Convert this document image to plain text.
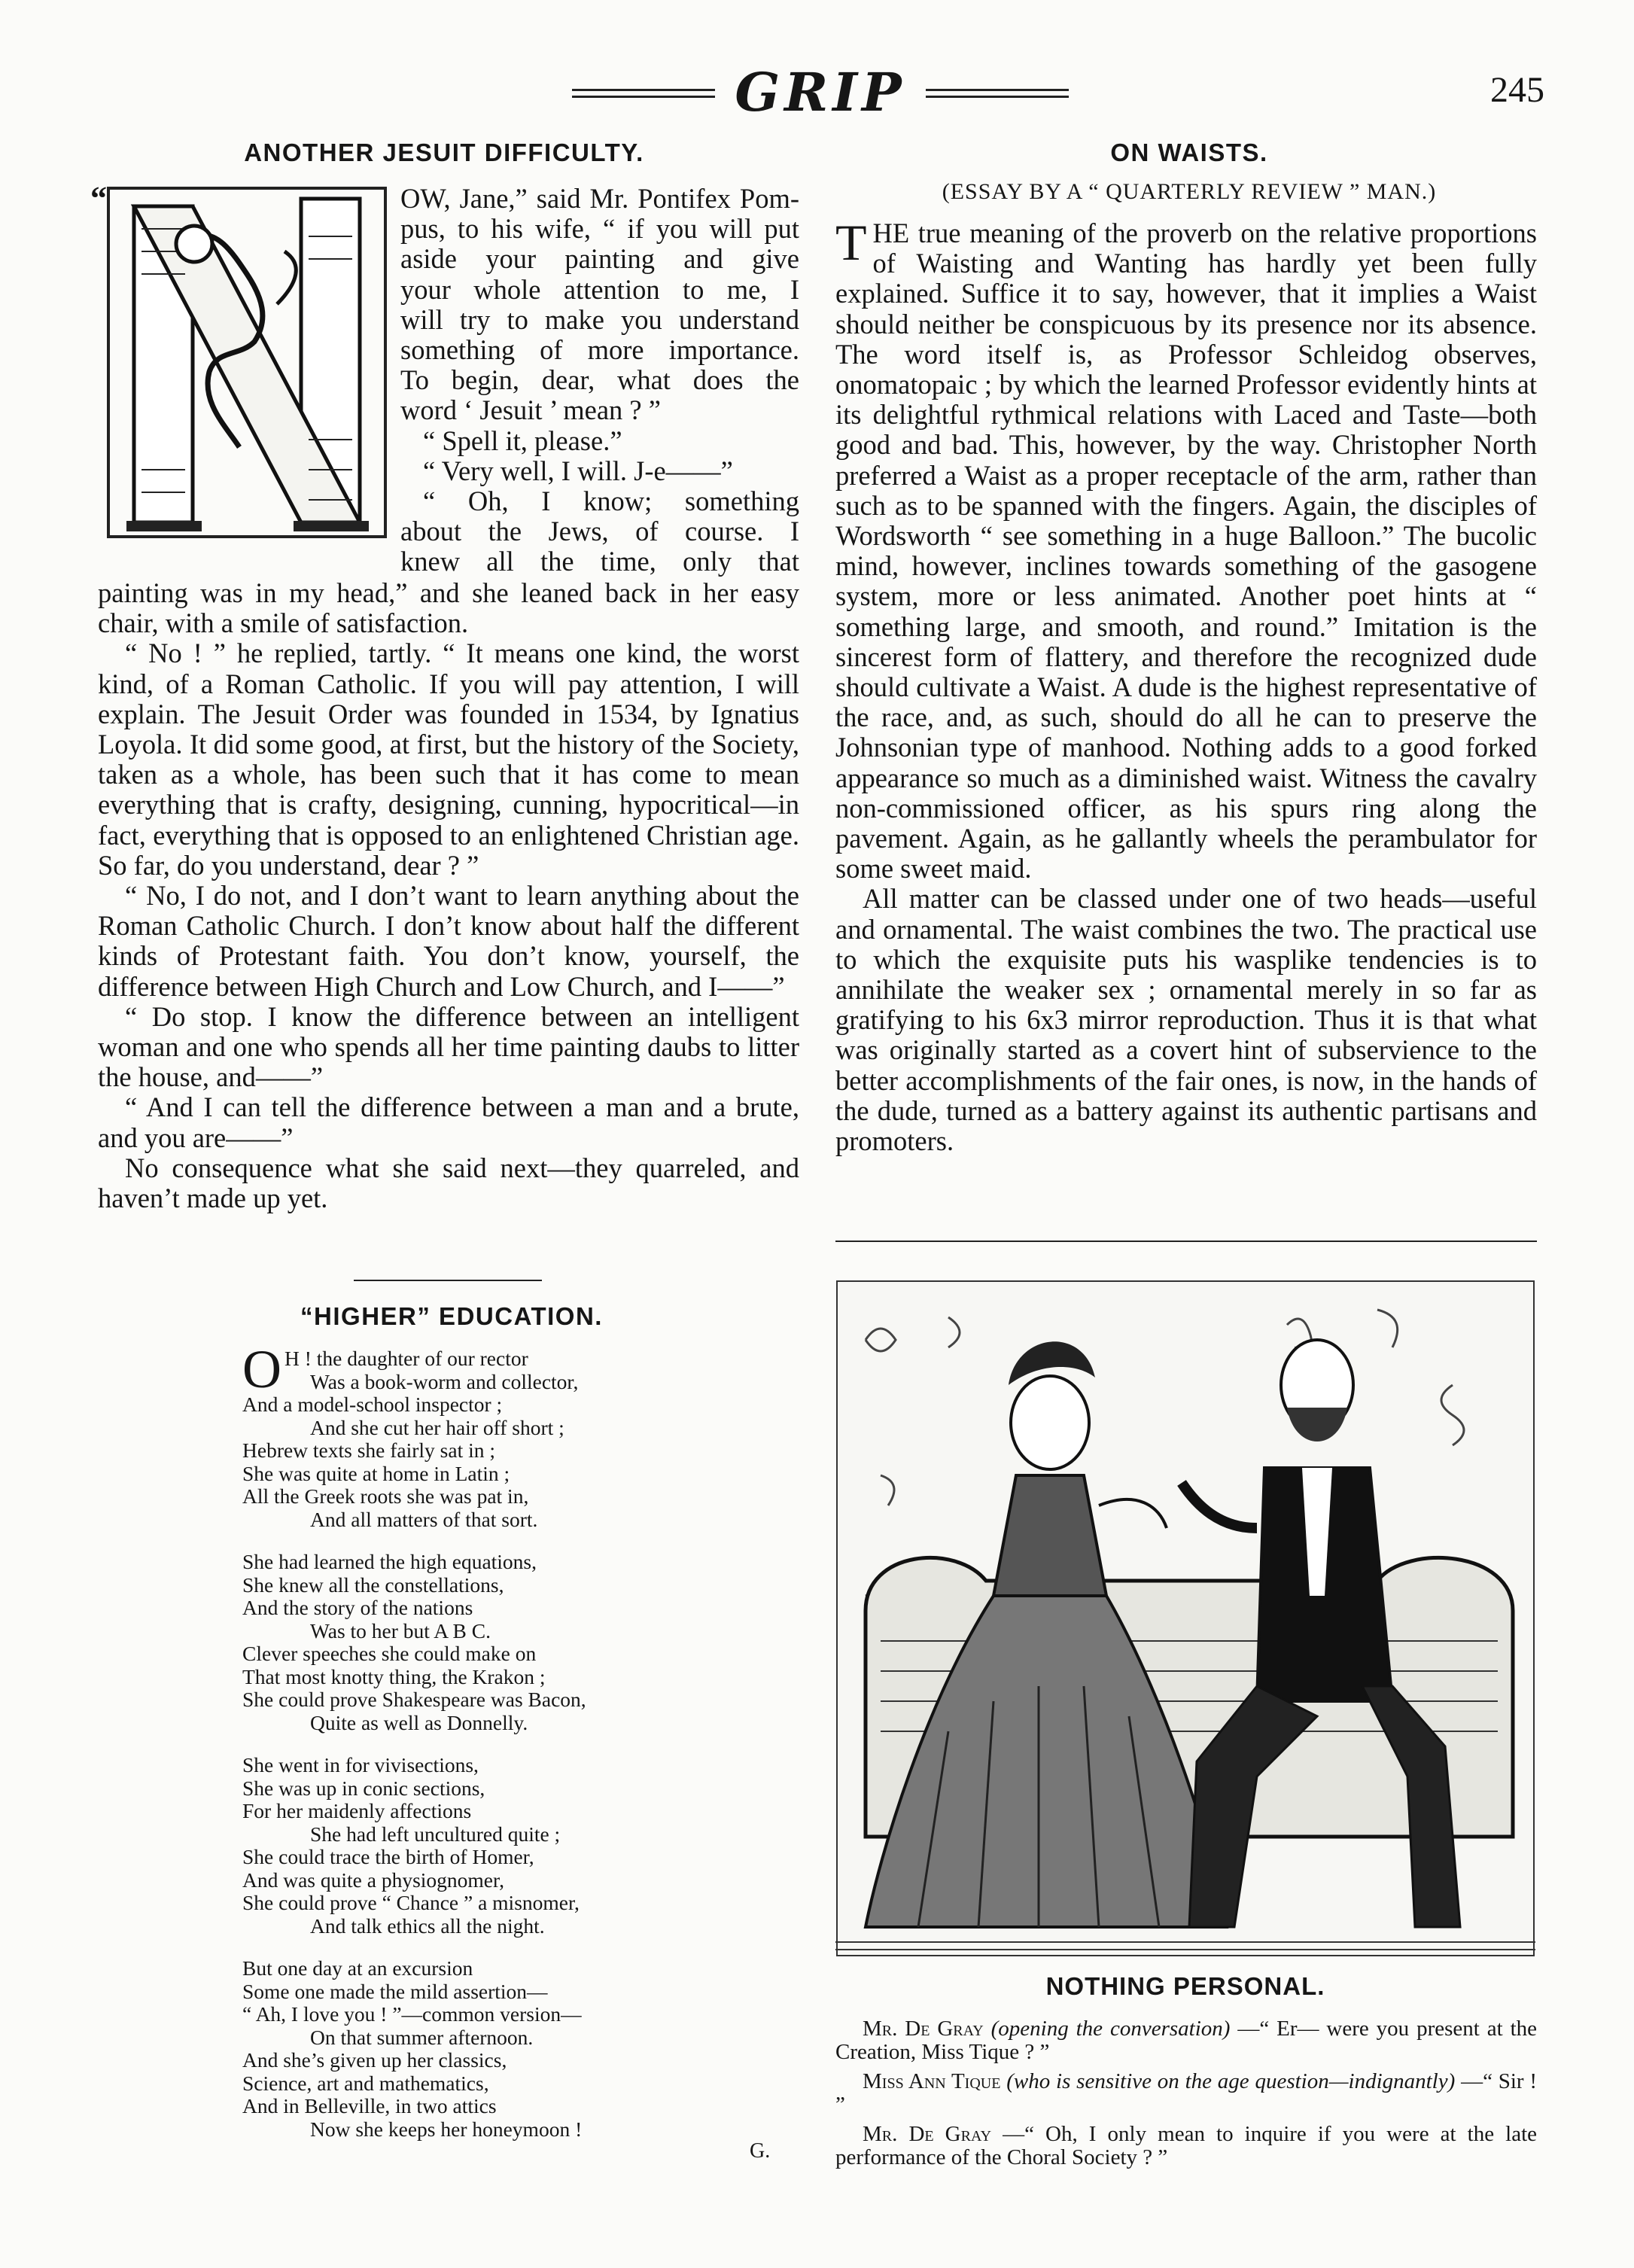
GRIP	245
ANOTHER JESUIT DIFFICULTY.
“	OW, Jane,” said Mr. Pontifex Pom-
pus, to his wife, “ if you will put
aside your painting and give
your whole attention to me, I
will try to make you understand
something of more importance.
To begin, dear, what does the
word ‘ Jesuit ’ mean ? ”
“ Spell it, please.”
“ Very well, I will. J-e——”
“ Oh, I know; something
about the Jews, of course. I
knew all the time, only that

painting was in my head,” and she leaned back in her easy chair, with a smile of satisfaction.

“ No ! ” he replied, tartly. “ It means one kind, the worst kind, of a Roman Catholic. If you will pay attention, I will explain. The Jesuit Order was founded in 1534, by Ignatius Loyola. It did some good, at first, but the history of the Society, taken as a whole, has been such that it has come to mean everything that is crafty, designing, cunning, hypocritical—in fact, everything that is opposed to an enlightened Christian age. So far, do you understand, dear ? ”

“ No, I do not, and I don’t want to learn anything about the Roman Catholic Church. I don’t know about half the different kinds of Protestant faith. You don’t know, yourself, the difference between High Church and Low Church, and I——”

“ Do stop. I know the difference between an intelligent woman and one who spends all her time painting daubs to litter the house, and——”

“ And I can tell the difference between a man and a brute, and you are——”

No consequence what she said next—they quarreled, and haven’t made up yet.

“HIGHER” EDUCATION.
O H ! the daughter of our rector
Was a book-worm and collector,
And a model-school inspector ;
And she cut her hair off short ;
Hebrew texts she fairly sat in ;
She was quite at home in Latin ;
All the Greek roots she was pat in,
And all matters of that sort.
She had learned the high equations,
She knew all the constellations,
And the story of the nations
Was to her but A B C.
Clever speeches she could make on
That most knotty thing, the Krakon ;
She could prove Shakespeare was Bacon,
Quite as well as Donnelly.
She went in for vivisections,
She was up in conic sections,
For her maidenly affections
She had left uncultured quite ;
She could trace the birth of Homer,
And was quite a physiognomer,
She could prove “ Chance ” a misnomer,
And talk ethics all the night.
But one day at an excursion
Some one made the mild assertion—
“ Ah, I love you ! ”—common version—
On that summer afternoon.
And she’s given up her classics,
Science, art and mathematics,
And in Belleville, in two attics
Now she keeps her honeymoon !
G.
ON WAISTS.
(ESSAY BY A “ QUARTERLY REVIEW ” MAN.)

T HE true meaning of the proverb on the relative proportions of Waisting and Wanting has hardly yet been fully explained. Suffice it to say, however, that it implies a Waist should neither be conspicuous by its presence nor its absence. The word itself is, as Professor Schleidog observes, onomatopaic ; by which the learned Professor evidently hints at its delightful rythmical relations with Laced and Taste—both good and bad. This, however, by the way. Christopher North preferred a Waist as a proper receptacle of the arm, rather than such as to be spanned with the fingers. Again, the disciples of Wordsworth “ see something in a huge Balloon.” The bucolic mind, however, inclines towards something of the gasogene system, more or less animated. Another poet hints at “ something large, and smooth, and round.” Imitation is the sincerest form of flattery, and therefore the recognized dude should cultivate a Waist. A dude is the highest representative of the race, and, as such, should do all he can to preserve the Johnsonian type of manhood. Nothing adds to a good forked appearance so much as a diminished waist. Witness the cavalry non-commissioned officer, as his spurs ring along the pavement. Again, as he gallantly wheels the perambulator for some sweet maid.

All matter can be classed under one of two heads—useful and ornamental. The waist combines the two. The practical use to which the exquisite puts his wasplike tendencies is to annihilate the weaker sex ; ornamental merely in so far as gratifying to his 6x3 mirror reproduction. Thus it is that what was originally started as a covert hint of subservience to the better accomplishments of the fair ones, is now, in the hands of the dude, turned as a battery against its authentic partisans and promoters.

NOTHING PERSONAL.

Mr. De Gray (opening the conversation) —“ Er— were you present at the Creation, Miss Tique ? ”

Miss Ann Tique (who is sensitive on the age question—indignantly) —“ Sir ! ”

Mr. De Gray —“ Oh, I only mean to inquire if you were at the late performance of the Choral Society ? ”
